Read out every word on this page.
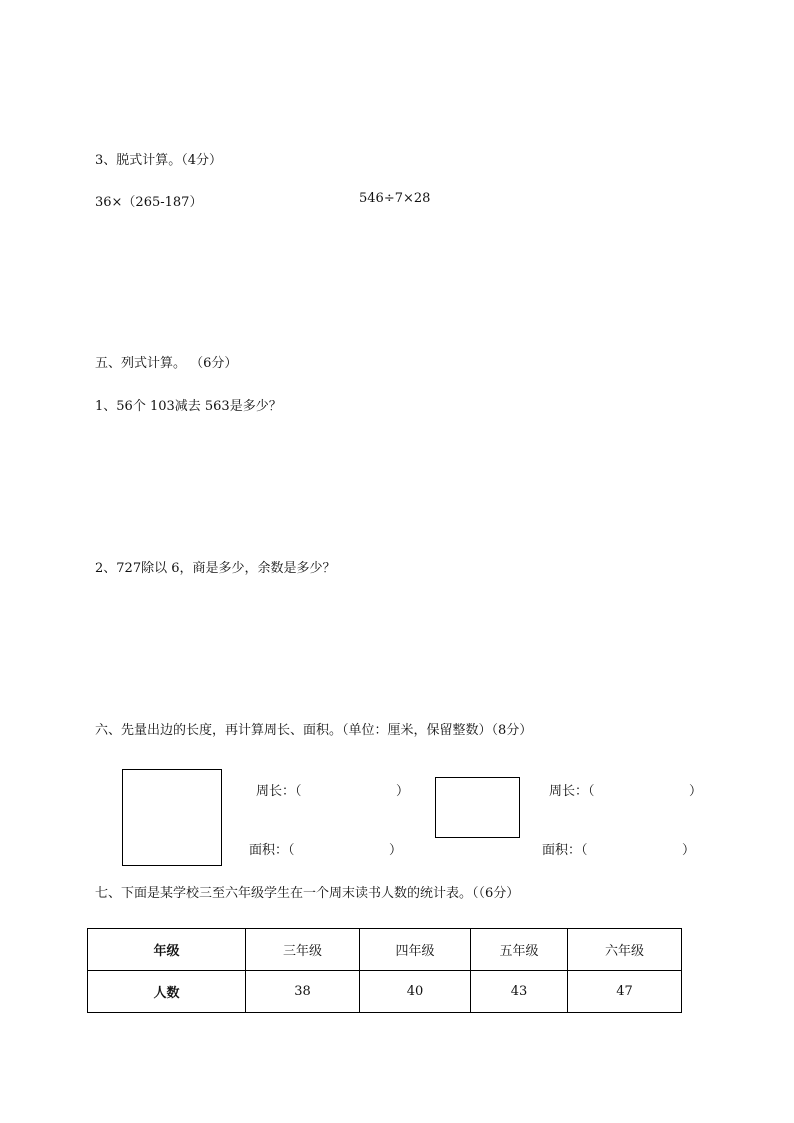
3、脱式计算。（4分）
36×（265-187）	546÷7×28
五、列式计算。 （6分）
1、56个 103减去 563是多少？
2、727除以 6，商是多少，余数是多少？
六、先量出边的长度，再计算周长、面积。（单位：厘米，保留整数）（8分）
周长：（	）
面积：（	）
周长：（	）
面积：（	）
七、下面是某学校三至六年级学生在一个周末读书人数的统计表。（（6分）
年级	三年级	四年级	五年级	六年级
人数	38	40	43	47
